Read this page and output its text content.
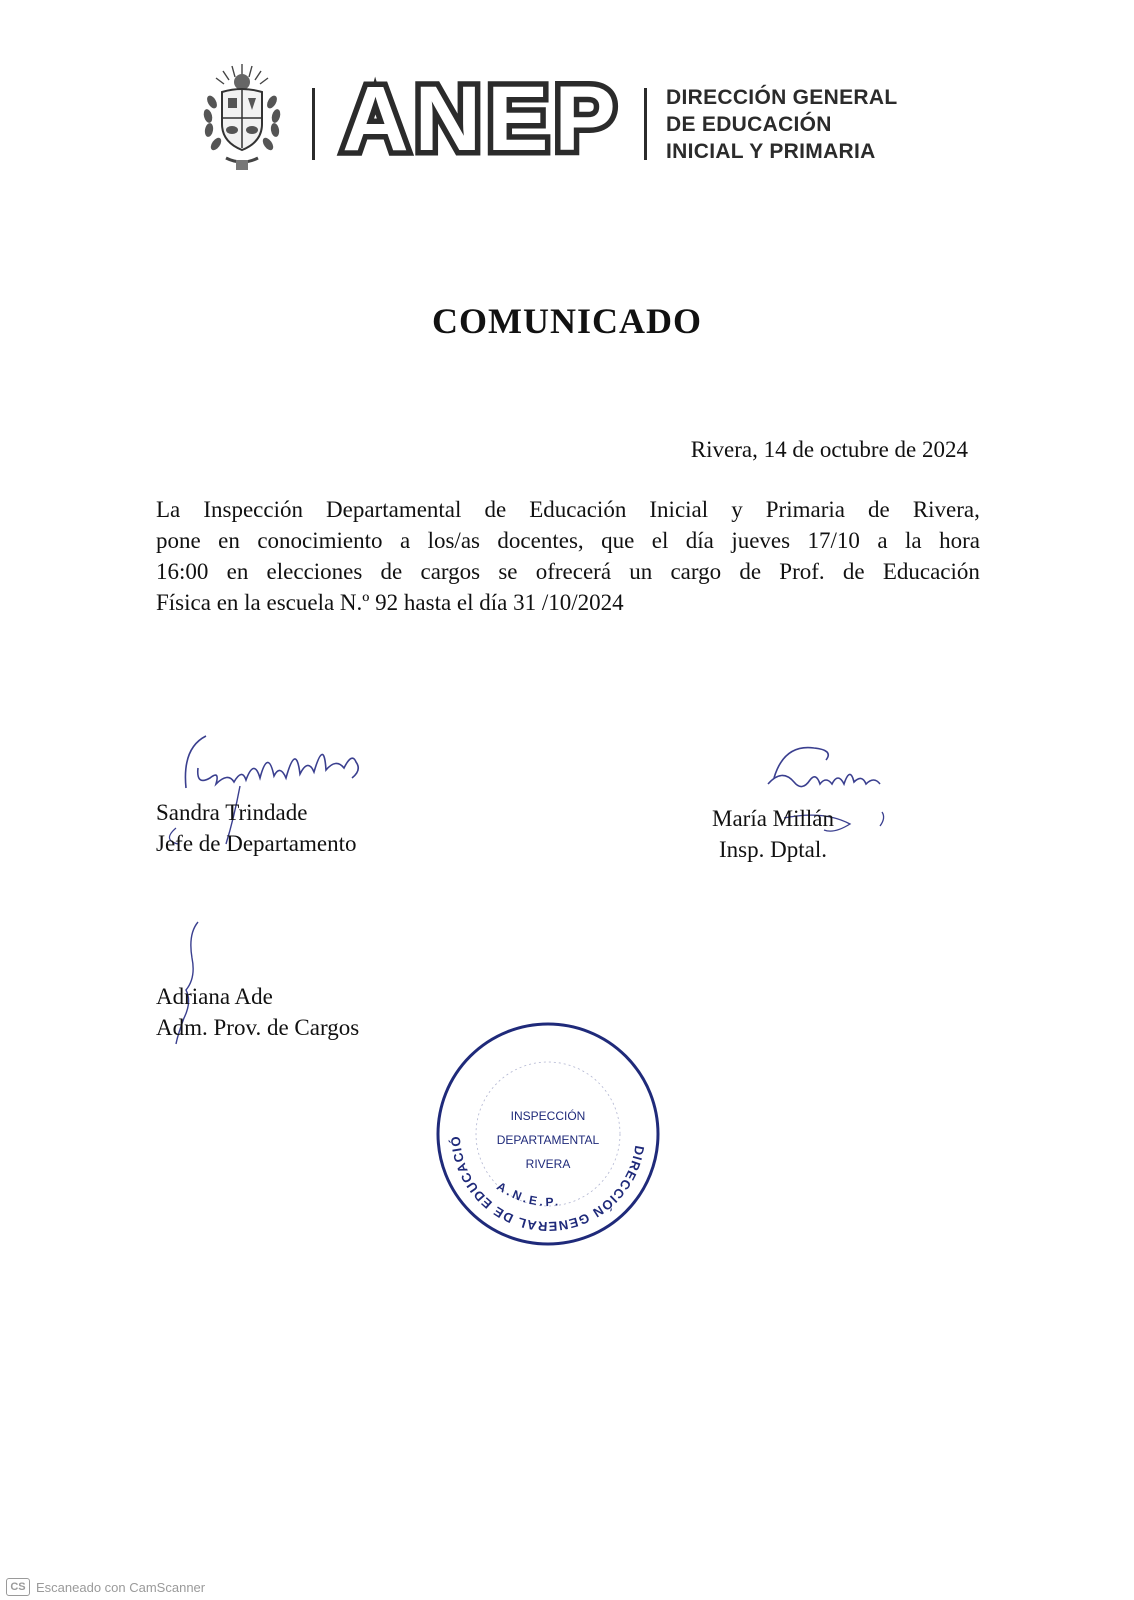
ANEP DIRECCIÓN GENERAL
DE EDUCACIÓN
INICIAL Y PRIMARIA
COMUNICADO
Rivera, 14 de octubre de 2024
La Inspección Departamental de Educación Inicial y Primaria de Rivera,
pone en conocimiento a los/as docentes, que el día jueves 17/10 a la hora
16:00 en elecciones de cargos se ofrecerá un cargo de Prof. de Educación
Física en la escuela N.º 92 hasta el día 31 /10/2024
Sandra Trindade
Jefe de Departamento
María Millán
Insp. Dptal.
Adriana Ade
Adm. Prov. de Cargos
DIRECCIÓN GENERAL DE EDUCACIÓ
A.N.E.P.
INSPECCIÓN
DEPARTAMENTAL
RIVERA
CS Escaneado con CamScanner
